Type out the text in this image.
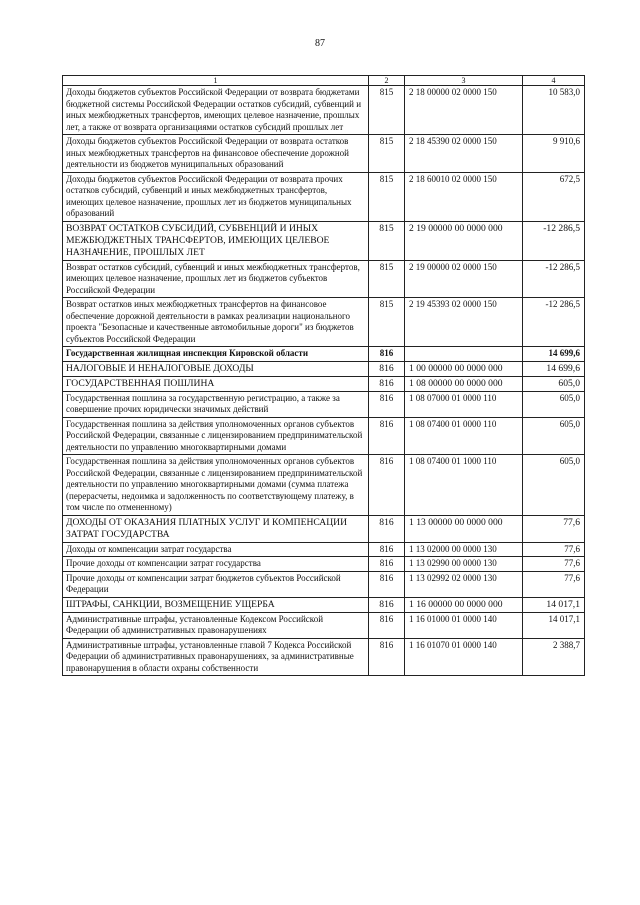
87
1	2	3	4
Доходы бюджетов субъектов Российской Федерации от возврата бюджетами бюджетной системы Российской Федерации остатков субсидий, субвенций и иных межбюджетных трансфертов, имеющих целевое назначение, прошлых лет, а также от возврата организациями остатков субсидий прошлых лет	815	2 18 00000 02 0000 150	10 583,0
Доходы бюджетов субъектов Российской Федерации от возврата остатков иных межбюджетных трансфертов на финансовое обеспечение дорожной деятельности из бюджетов муниципальных образований	815	2 18 45390 02 0000 150	9 910,6
Доходы бюджетов субъектов Российской Федерации от возврата прочих остатков субсидий, субвенций и иных межбюджетных трансфертов, имеющих целевое назначение, прошлых лет из бюджетов муниципальных образований	815	2 18 60010 02 0000 150	672,5
ВОЗВРАТ ОСТАТКОВ СУБСИДИЙ, СУБВЕНЦИЙ И ИНЫХ МЕЖБЮДЖЕТНЫХ ТРАНСФЕРТОВ, ИМЕЮЩИХ ЦЕЛЕВОЕ НАЗНАЧЕНИЕ, ПРОШЛЫХ ЛЕТ	815	2 19 00000 00 0000 000	-12 286,5
Возврат остатков субсидий, субвенций и иных межбюджетных трансфертов, имеющих целевое назначение, прошлых лет из бюджетов субъектов Российской Федерации	815	2 19 00000 02 0000 150	-12 286,5
Возврат остатков иных межбюджетных трансфертов на финансовое обеспечение дорожной деятельности в рамках реализации национального проекта "Безопасные и качественные автомобильные дороги" из бюджетов субъектов Российской Федерации	815	2 19 45393 02 0000 150	-12 286,5
Государственная жилищная инспекция Кировской области	816		14 699,6
НАЛОГОВЫЕ И НЕНАЛОГОВЫЕ ДОХОДЫ	816	1 00 00000 00 0000 000	14 699,6
ГОСУДАРСТВЕННАЯ ПОШЛИНА	816	1 08 00000 00 0000 000	605,0
Государственная пошлина за государственную регистрацию, а также за совершение прочих юридически значимых действий	816	1 08 07000 01 0000 110	605,0
Государственная пошлина за действия уполномоченных органов субъектов Российской Федерации, связанные с лицензированием предпринимательской деятельности по управлению многоквартирными домами	816	1 08 07400 01 0000 110	605,0
Государственная пошлина за действия уполномоченных органов субъектов Российской Федерации, связанные с лицензированием предпринимательской деятельности по управлению многоквартирными домами (сумма платежа (перерасчеты, недоимка и задолженность по соответствующему платежу, в том числе по отмененному)	816	1 08 07400 01 1000 110	605,0
ДОХОДЫ ОТ ОКАЗАНИЯ ПЛАТНЫХ УСЛУГ И КОМПЕНСАЦИИ ЗАТРАТ ГОСУДАРСТВА	816	1 13 00000 00 0000 000	77,6
Доходы от компенсации затрат государства	816	1 13 02000 00 0000 130	77,6
Прочие доходы от компенсации затрат государства	816	1 13 02990 00 0000 130	77,6
Прочие доходы от компенсации затрат бюджетов субъектов Российской Федерации	816	1 13 02992 02 0000 130	77,6
ШТРАФЫ, САНКЦИИ, ВОЗМЕЩЕНИЕ УЩЕРБА	816	1 16 00000 00 0000 000	14 017,1
Административные штрафы, установленные Кодексом Российской Федерации об административных правонарушениях	816	1 16 01000 01 0000 140	14 017,1
Административные штрафы, установленные главой 7 Кодекса Российской Федерации об административных правонарушениях, за административные правонарушения в области охраны собственности	816	1 16 01070 01 0000 140	2 388,7
